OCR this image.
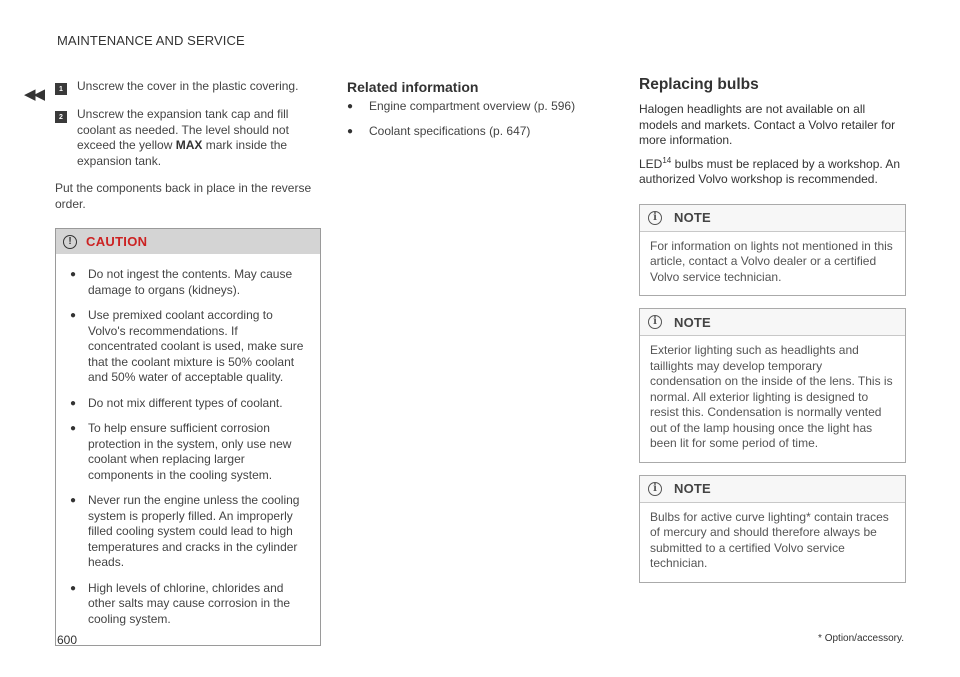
MAINTENANCE AND SERVICE
◀◀	1	Unscrew the cover in the plastic covering.
2	Unscrew the expansion tank cap and fill coolant as needed. The level should not exceed the yellow MAX mark inside the expansion tank.

Put the components back in place in the reverse order.

!	CAUTION
● Do not ingest the contents. May cause damage to organs (kidneys).
● Use premixed coolant according to Volvo's recommendations. If concentrated coolant is used, make sure that the coolant mixture is 50% coolant and 50% water of acceptable quality.
● Do not mix different types of coolant.
● To help ensure sufficient corrosion protection in the system, only use new coolant when replacing larger components in the cooling system.
● Never run the engine unless the cooling system is properly filled. An improperly filled cooling system could lead to high temperatures and cracks in the cylinder heads.
● High levels of chlorine, chlorides and other salts may cause corrosion in the cooling system.
Related information
●	Engine compartment overview (p. 596)
●	Coolant specifications (p. 647)
Replacing bulbs

Halogen headlights are not available on all models and markets. Contact a Volvo retailer for more information.

LED$^{14}$ bulbs must be replaced by a workshop. An authorized Volvo workshop is recommended.

i	NOTE
For information on lights not mentioned in this article, contact a Volvo dealer or a certified Volvo service technician.
i	NOTE
Exterior lighting such as headlights and taillights may develop temporary condensation on the inside of the lens. This is normal. All exterior lighting is designed to resist this. Condensation is normally vented out of the lamp housing once the light has been lit for some period of time.
i	NOTE
Bulbs for active curve lighting* contain traces of mercury and should therefore always be submitted to a certified Volvo service technician.
600	* Option/accessory.
